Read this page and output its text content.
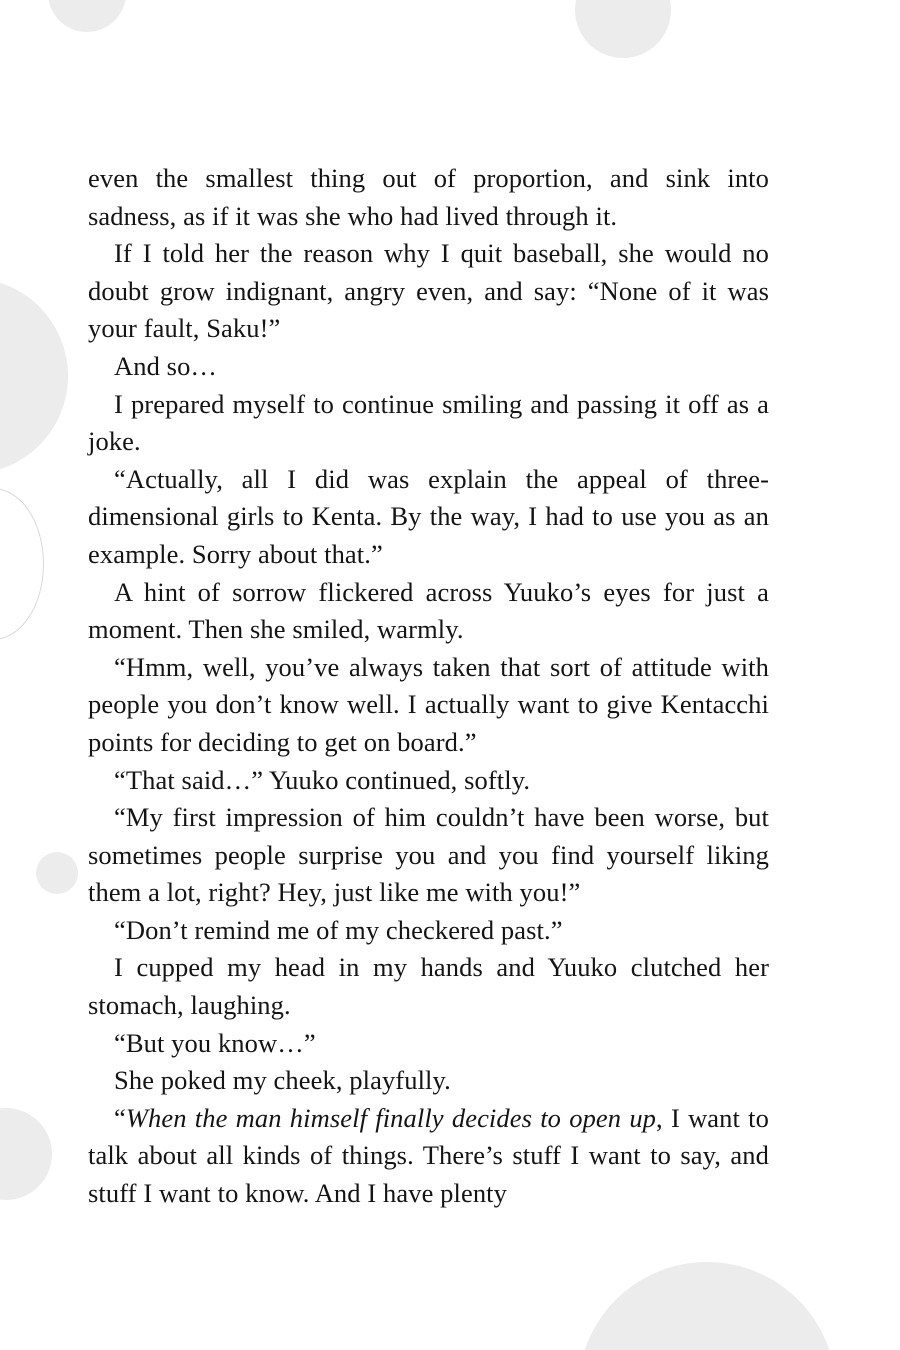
even the smallest thing out of proportion, and sink into sadness, as if it was she who had lived through it.

If I told her the reason why I quit baseball, she would no doubt grow indignant, angry even, and say: “None of it was your fault, Saku!”

And so…

I prepared myself to continue smiling and passing it off as a joke.

“Actually, all I did was explain the appeal of three-dimensional girls to Kenta. By the way, I had to use you as an example. Sorry about that.”

A hint of sorrow flickered across Yuuko’s eyes for just a moment. Then she smiled, warmly.

“Hmm, well, you’ve always taken that sort of attitude with people you don’t know well. I actually want to give Kentacchi points for deciding to get on board.”

“That said…” Yuuko continued, softly.

“My first impression of him couldn’t have been worse, but sometimes people surprise you and you find yourself liking them a lot, right? Hey, just like me with you!”

“Don’t remind me of my checkered past.”

I cupped my head in my hands and Yuuko clutched her stomach, laughing.

“But you know…”

She poked my cheek, playfully.

“When the man himself finally decides to open up, I want to talk about all kinds of things. There’s stuff I want to say, and stuff I want to know. And I have plenty
